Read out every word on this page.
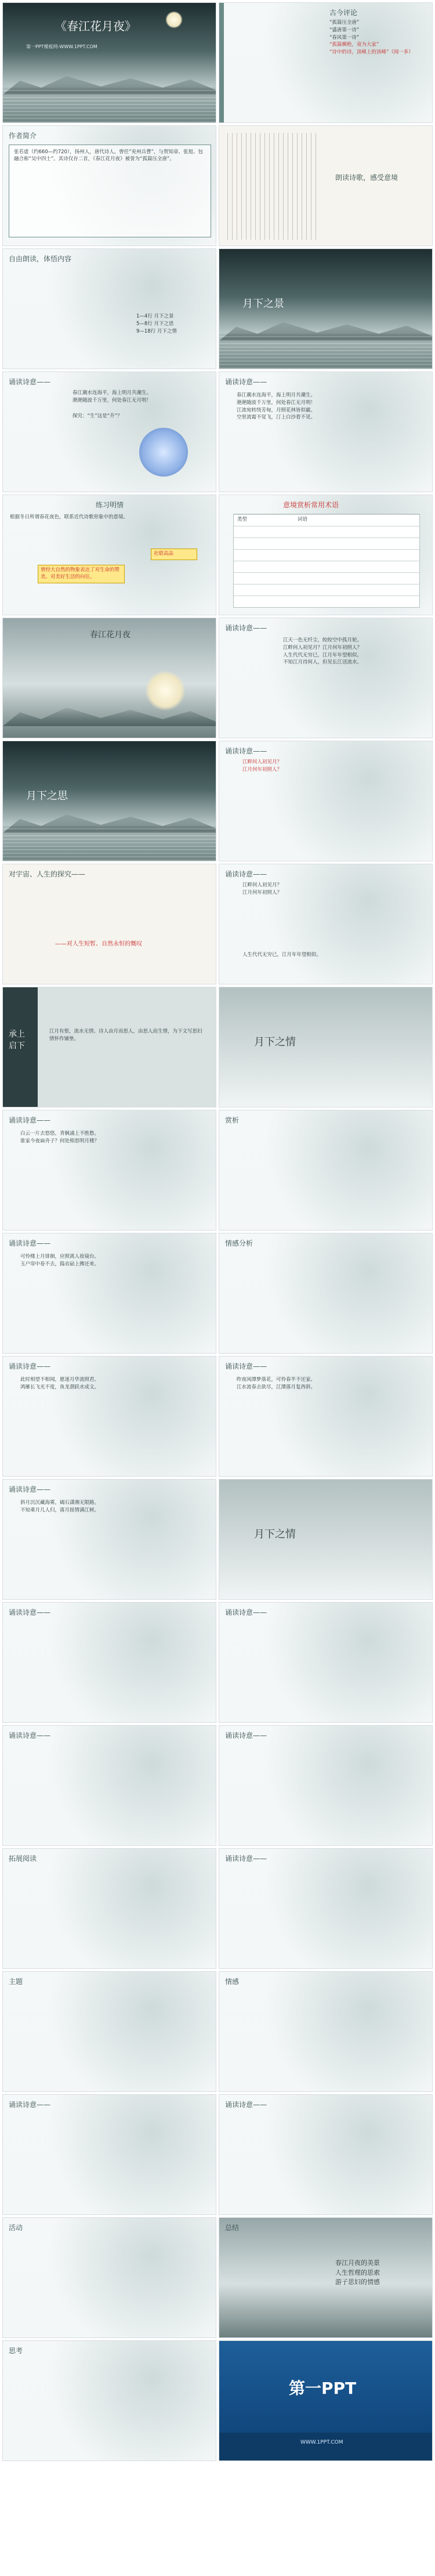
《春江花月夜》
第一PPT模板网-WWW.1PPT.COM
古今评论
“孤篇压全唐”
“盛唐第一诗”
“春风第一诗”
“孤篇横绝，竟为大家”
“诗中的诗，顶峰上的顶峰”（闻一多）
作者简介
张若虚（约660—约720），扬州人，唐代诗人。曾任“兖州兵曹”，与贺知章、张旭、包融合称“吴中四士”。其诗仅存二首，《春江花月夜》被誉为“孤篇压全唐”。
朗读诗歌，感受意境
自由朗读，体悟内容
1—4行 月下之景
5—8行 月下之思
9—18行 月下之情
月下之景
诵读诗意——
春江潮水连海平，海上明月共潮生。
滟滟随波千万里，何处春江无月明！
探究：“生”这是“升”？
诵读诗意——
春江潮水连海平，海上明月共潮生。
滟滟随波千万里，何处春江无月明！
江流宛转绕芳甸，月照花林皆似霰。
空里流霜不觉飞，汀上白沙看不见。
练习明情
根据冬日所谓春花夜色，联系近代诗歌形象中的意境。
社联高品
曾经大自然的物象表达了对生命的赞美、对美好生活的向往。
意境赏析常用术语
类型	词语
春江花月夜
诵读诗意——
江天一色无纤尘，皎皎空中孤月轮。
江畔何人初见月？江月何年初照人？
人生代代无穷已，江月年年望相似。
不知江月待何人，但见长江送流水。
月下之思
诵读诗意——
江畔何人初见月？
江月何年初照人？
对宇宙、人生的探究——
——对人生短暂、自然永恒的慨叹
诵读诗意——
江畔何人初见月？
江月何年初照人？
人生代代无穷已，江月年年望相似。
承上启下
江月有恨，流水无情。诗人由月而思人，由思人而生情，为下文写思妇情怀作铺垫。	月下之情
诵读诗意——
白云一片去悠悠，青枫浦上不胜愁。
谁家今夜扁舟子？何处相思明月楼？
赏析
诵读诗意——
可怜楼上月徘徊，应照离人妆镜台。
玉户帘中卷不去，捣衣砧上拂还来。
情感分析
诵读诗意——
此时相望不相闻，愿逐月华流照君。
鸿雁长飞光不度，鱼龙潜跃水成文。
诵读诗意——
昨夜闲潭梦落花，可怜春半不还家。
江水流春去欲尽，江潭落月复西斜。
诵读诗意——
斜月沉沉藏海雾，碣石潇湘无限路。
不知乘月几人归，落月摇情满江树。
月下之情
诵读诗意——	诵读诗意——
诵读诗意——	诵读诗意——
拓展阅读	诵读诗意——
主题	情感
诵读诗意——	诵读诗意——
活动	总结
春江月夜的美景
人生哲理的思索
游子思妇的情感
思考
第一PPT
WWW.1PPT.COM
